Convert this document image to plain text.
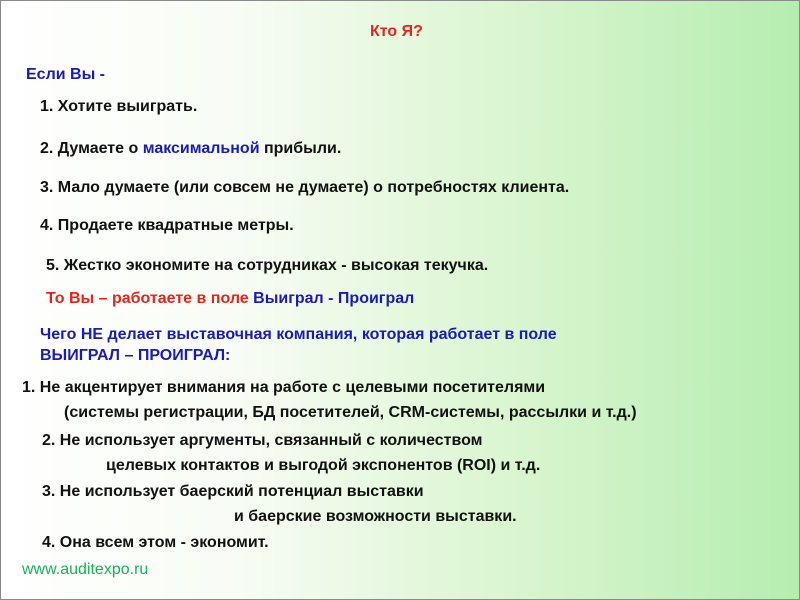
Кто Я?
Если Вы -
1. Хотите выиграть.
2. Думаете о максимальной прибыли.
3. Мало думаете (или совсем не думаете) о потребностях клиента.
4. Продаете квадратные метры.
5. Жестко экономите на сотрудниках - высокая текучка.
То Вы – работаете в поле Выиграл - Проиграл
Чего НЕ делает выставочная компания, которая работает в поле
ВЫИГРАЛ – ПРОИГРАЛ:
1. Не акцентирует внимания на работе с целевыми посетителями
(системы регистрации, БД посетителей, CRM-системы, рассылки и т.д.)
2. Не использует аргументы, связанный с количеством
целевых контактов и выгодой экспонентов (ROI) и т.д.
3. Не использует баерский потенциал выставки
и баерские возможности выставки.
4. Она всем этом - экономит.
www.auditexpo.ru
